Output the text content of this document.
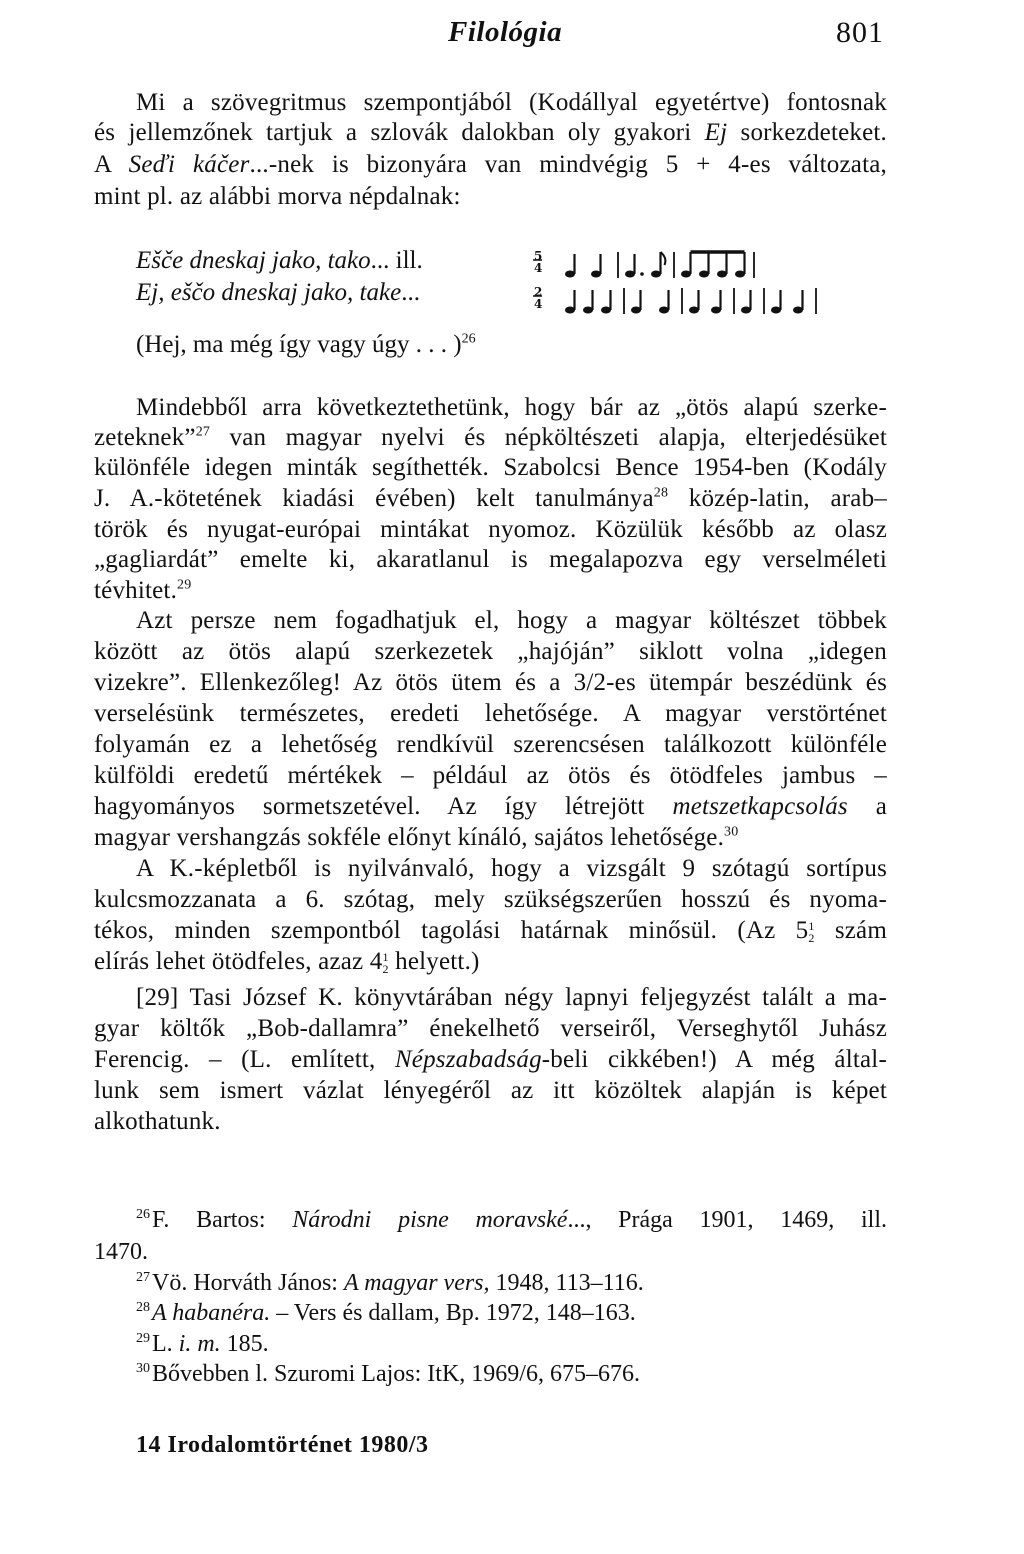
Filológia	801
Mi a szövegritmus szempontjából (Kodállyal egyetértve) fontosnak
és jellemzőnek tartjuk a szlovák dalokban oly gyakori Ej sorkezdeteket.
A Seďi káčer...-nek is bizonyára van mindvégig 5 + 4-es változata,
mint pl. az alábbi morva népdalnak:
Ešče dneskaj jako, tako... ill.
Ej, eščo dneskaj jako, take...
(Hej, ma még így vagy úgy . . . )$^{26}$
5
4
2
4
Mindebből arra következtethetünk, hogy bár az „ötös alapú szerke-
zeteknek”$^{27}$ van magyar nyelvi és népköltészeti alapja, elterjedésüket
különféle idegen minták segíthették. Szabolcsi Bence 1954-ben (Kodály
J. A.-kötetének kiadási évében) kelt tanulmánya$^{28}$ közép-latin, arab–
török és nyugat-európai mintákat nyomoz. Közülük később az olasz
„gagliardát” emelte ki, akaratlanul is megalapozva egy verselméleti
tévhitet.$^{29}$
Azt persze nem fogadhatjuk el, hogy a magyar költészet többek
között az ötös alapú szerkezetek „hajóján” siklott volna „idegen
vizekre”. Ellenkezőleg! Az ötös ütem és a 3/2-es ütempár beszédünk és
verselésünk természetes, eredeti lehetősége. A magyar verstörténet
folyamán ez a lehetőség rendkívül szerencsésen találkozott különféle
külföldi eredetű mértékek – például az ötös és ötödfeles jambus –
hagyományos sormetszetével. Az így létrejött metszetkapcsolás a
magyar vershangzás sokféle előnyt kínáló, sajátos lehetősége.$^{30}$
A K.-képletből is nyilvánvaló, hogy a vizsgált 9 szótagú sortípus
kulcsmozzanata a 6. szótag, mely szükségszerűen hosszú és nyoma-
tékos, minden szempontból tagolási határnak minősül. (Az 5 1
2 szám
elírás lehet ötödfeles, azaz 4 1
2 helyett.)
[29] Tasi József K. könyvtárában négy lapnyi feljegyzést talált a ma-
gyar költők „Bob-dallamra” énekelhető verseiről, Verseghytől Juhász
Ferencig. – (L. említett, Népszabadság-beli cikkében!) A még által-
lunk sem ismert vázlat lényegéről az itt közöltek alapján is képet
alkothatunk.
$^{26}$F. Bartos: Národni pisne moravské..., Prága 1901, 1469, ill.
1470.
$^{27}$Vö. Horváth János: A magyar vers, 1948, 113–116.
$^{28}$A habanéra. – Vers és dallam, Bp. 1972, 148–163.
$^{29}$L. i. m. 185.
$^{30}$Bővebben l. Szuromi Lajos: ItK, 1969/6, 675–676.
14 Irodalomtörténet 1980/3
